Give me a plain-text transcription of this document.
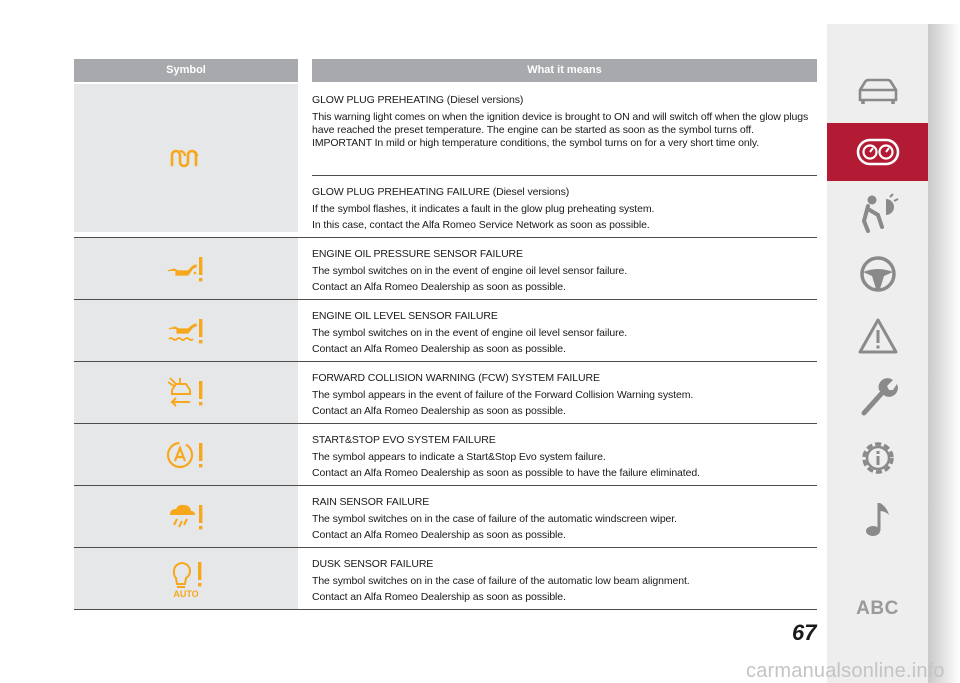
Symbol	What it means

GLOW PLUG PREHEATING (Diesel versions)

This warning light comes on when the ignition device is brought to ON and will switch off when the glow plugs have reached the preset temperature. The engine can be started as soon as the symbol turns off.

IMPORTANT In mild or high temperature conditions, the symbol turns on for a very short time only.

GLOW PLUG PREHEATING FAILURE (Diesel versions)

If the symbol flashes, it indicates a fault in the glow plug preheating system.

In this case, contact the Alfa Romeo Service Network as soon as possible.

ENGINE OIL PRESSURE SENSOR FAILURE

The symbol switches on in the event of engine oil level sensor failure.

Contact an Alfa Romeo Dealership as soon as possible.

ENGINE OIL LEVEL SENSOR FAILURE

The symbol switches on in the event of engine oil level sensor failure.

Contact an Alfa Romeo Dealership as soon as possible.

FORWARD COLLISION WARNING (FCW) SYSTEM FAILURE

The symbol appears in the event of failure of the Forward Collision Warning system.

Contact an Alfa Romeo Dealership as soon as possible.

START&STOP EVO SYSTEM FAILURE

The symbol appears to indicate a Start&Stop Evo system failure.

Contact an Alfa Romeo Dealership as soon as possible to have the failure eliminated.

RAIN SENSOR FAILURE

The symbol switches on in the case of failure of the automatic windscreen wiper.

Contact an Alfa Romeo Dealership as soon as possible.

AUTO

DUSK SENSOR FAILURE

The symbol switches on in the case of failure of the automatic low beam alignment.

Contact an Alfa Romeo Dealership as soon as possible.

ABC
67
carmanualsonline.info
